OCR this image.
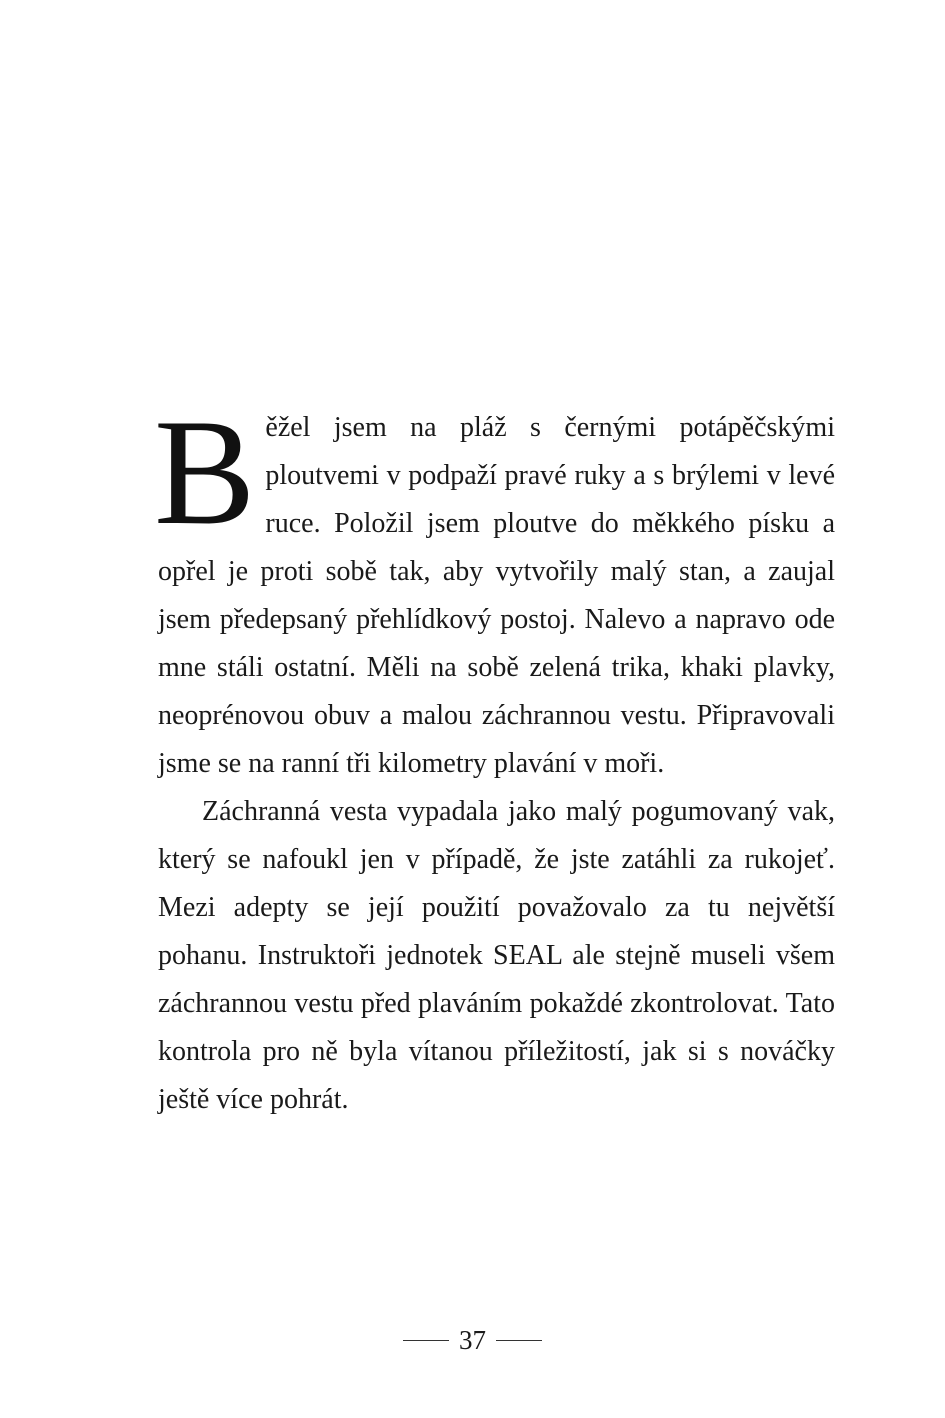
Běžel jsem na pláž s černými potápěčskými ploutvemi v podpaží pravé ruky a s brýlemi v levé ruce. Položil jsem ploutve do měkkého písku a opřel je proti sobě tak, aby vytvořily malý stan, a zaujal jsem předepsaný přehlídkový postoj. Nalevo a napravo ode mne stáli ostatní. Měli na sobě zelená trika, khaki plavky, neoprénovou obuv a malou záchrannou vestu. Připravovali jsme se na ranní tři kilometry plavání v moři.

Záchranná vesta vypadala jako malý pogumovaný vak, který se nafoukl jen v případě, že jste zatáhli za rukojeť. Mezi adepty se její použití považovalo za tu největší pohanu. Instruktoři jednotek SEAL ale stejně museli všem záchrannou vestu před plaváním pokaždé zkontrolovat. Tato kontrola pro ně byla vítanou příležitostí, jak si s nováčky ještě více pohrát.

37
